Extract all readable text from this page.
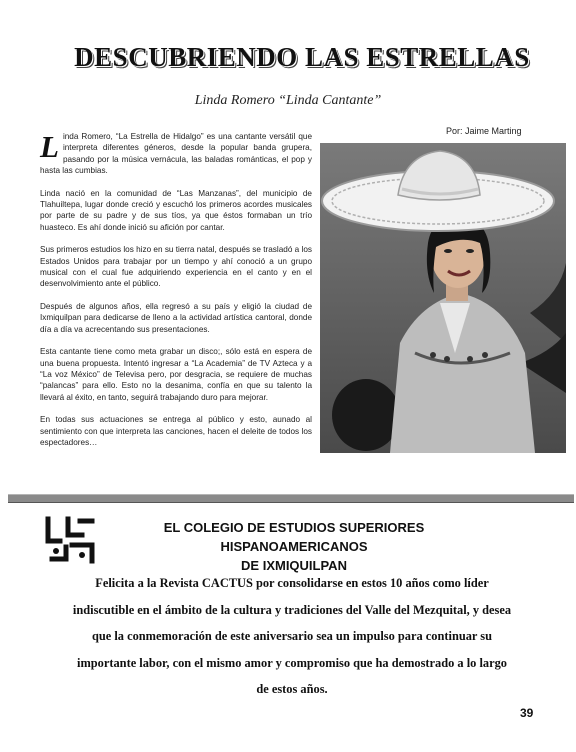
DESCUBRIENDO LAS ESTRELLAS
Linda Romero “Linda Cantante”
Por: Jaime Marting

Linda Romero, “La Estrella de Hidalgo” es una cantante versátil que interpreta diferentes géneros, desde la popular banda grupera, pasando por la música vernácula, las baladas románticas, el pop y hasta las cumbias.

Linda nació en la comunidad de “Las Manzanas”, del municipio de Tlahuiltepa, lugar donde creció y escuchó los primeros acordes musicales por parte de su padre y de sus tíos, ya que éstos formaban un trío huasteco. Es ahí donde inició su afición por cantar.

Sus primeros estudios los hizo en su tierra natal, después se trasladó a los Estados Unidos para trabajar por un tiempo y ahí conoció a un grupo musical con el cual fue adquiriendo experiencia en el canto y en el desenvolvimiento ante el público.

Después de algunos años, ella regresó a su país y eligió la ciudad de Ixmiquilpan para dedicarse de lleno a la actividad artística cantoral, donde día a día va acrecentando sus presentaciones.

Esta cantante tiene como meta grabar un disco;, sólo está en espera de una buena propuesta. Intentó ingresar a “La Academia” de TV Azteca y a “La voz México” de Televisa pero, por desgracia, se requiere de muchas “palancas” para ello. Esto no la desanima, confía en que su talento la llevará al éxito, en tanto, seguirá trabajando duro para mejorar.

En todas sus actuaciones se entrega al público y esto, aunado al sentimiento con que interpreta las canciones, hacen el deleite de todos los espectadores…

EL COLEGIO DE ESTUDIOS SUPERIORES HISPANOAMERICANOS
DE IXMIQUILPAN
Felicita a la Revista CACTUS por consolidarse en estos 10 años como líder indiscutible en el ámbito de la cultura y tradiciones del Valle del Mezquital, y desea que la conmemoración de este aniversario sea un impulso para continuar su importante labor, con el mismo amor y compromiso que ha demostrado a lo largo de estos años.
39
